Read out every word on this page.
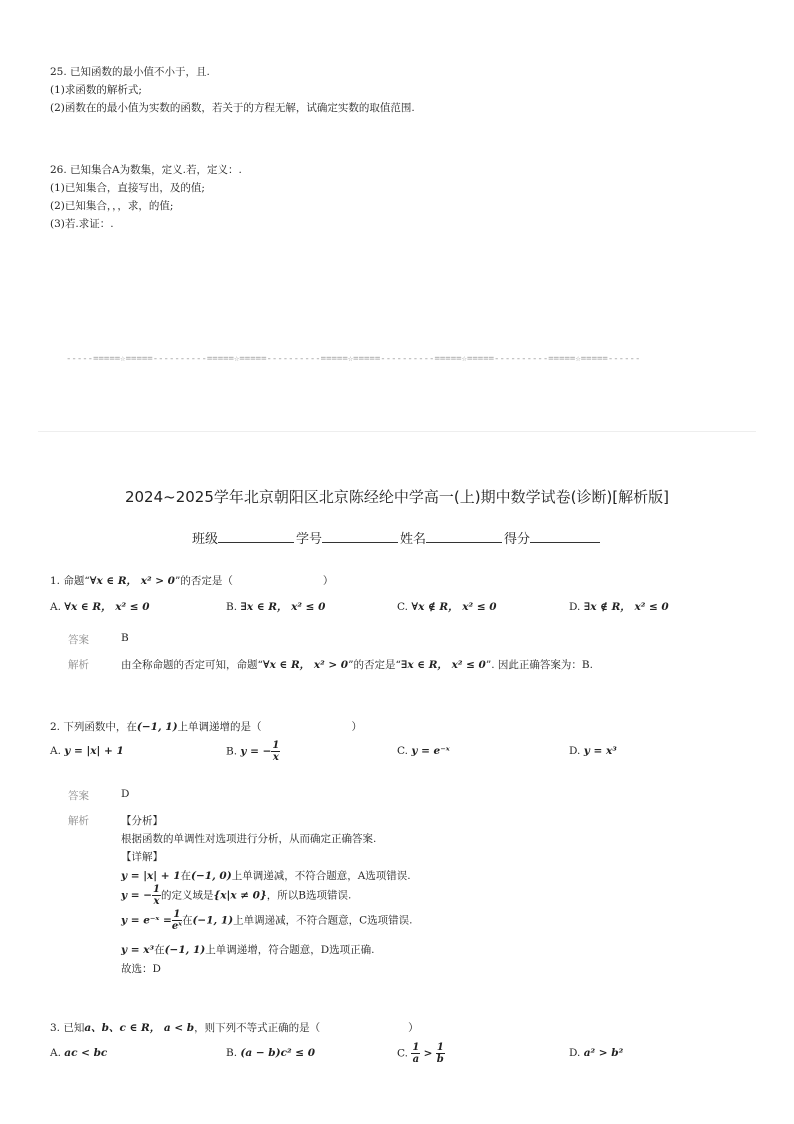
25. 已知函数的最小值不小于，且.
(1)求函数的解析式;
(2)函数在的最小值为实数的函数，若关于的方程无解，试确定实数的取值范围.
26. 已知集合A为数集，定义.若，定义：.
(1)已知集合，直接写出，及的值;
(2)已知集合，，，求，的值;
(3)若.求证：.
-----=====☆=====----------=====☆=====----------=====☆=====----------=====☆=====----------=====☆=====------
2024~2025学年北京朝阳区北京陈经纶中学高一(上)期中数学试卷(诊断)[解析版]
班级	学号	姓名	得分
1. 命题“∀x ∈ R， x² > 0”的否定是（	）
A. ∀x ∈ R， x² ≤ 0	B. ∃x ∈ R， x² ≤ 0	C. ∀x ∉ R， x² ≤ 0	D. ∃x ∉ R， x² ≤ 0
答案	B
解析	由全称命题的否定可知，命题“∀x ∈ R， x² > 0”的否定是“∃x ∈ R， x² ≤ 0”. 因此正确答案为：B.
2. 下列函数中，在(−1, 1)上单调递增的是（	）
A. y = |x| + 1	B. y = − $\frac{1}{x}$	C. y = e⁻ˣ	D. y = x³
答案	D
解析	【分析】
根据函数的单调性对选项进行分析，从而确定正确答案.
【详解】
y = |x| + 1在(−1, 0)上单调递减，不符合题意，A选项错误.
y = − $\frac{1}{x}$ 的定义域是{x|x ≠ 0}，所以B选项错误.
y = e⁻ˣ = $\frac{1}{\text{eˣ}}$ 在(−1, 1)上单调递减，不符合题意，C选项错误.
y = x³在(−1, 1)上单调递增，符合题意，D选项正确.
故选：D
3. 已知a、b、c ∈ R， a < b，则下列不等式正确的是（	）
A. ac < bc	B. (a − b)c² ≤ 0	C. $\frac{1}{a} > \frac{1}{b}$	D. a² > b²
